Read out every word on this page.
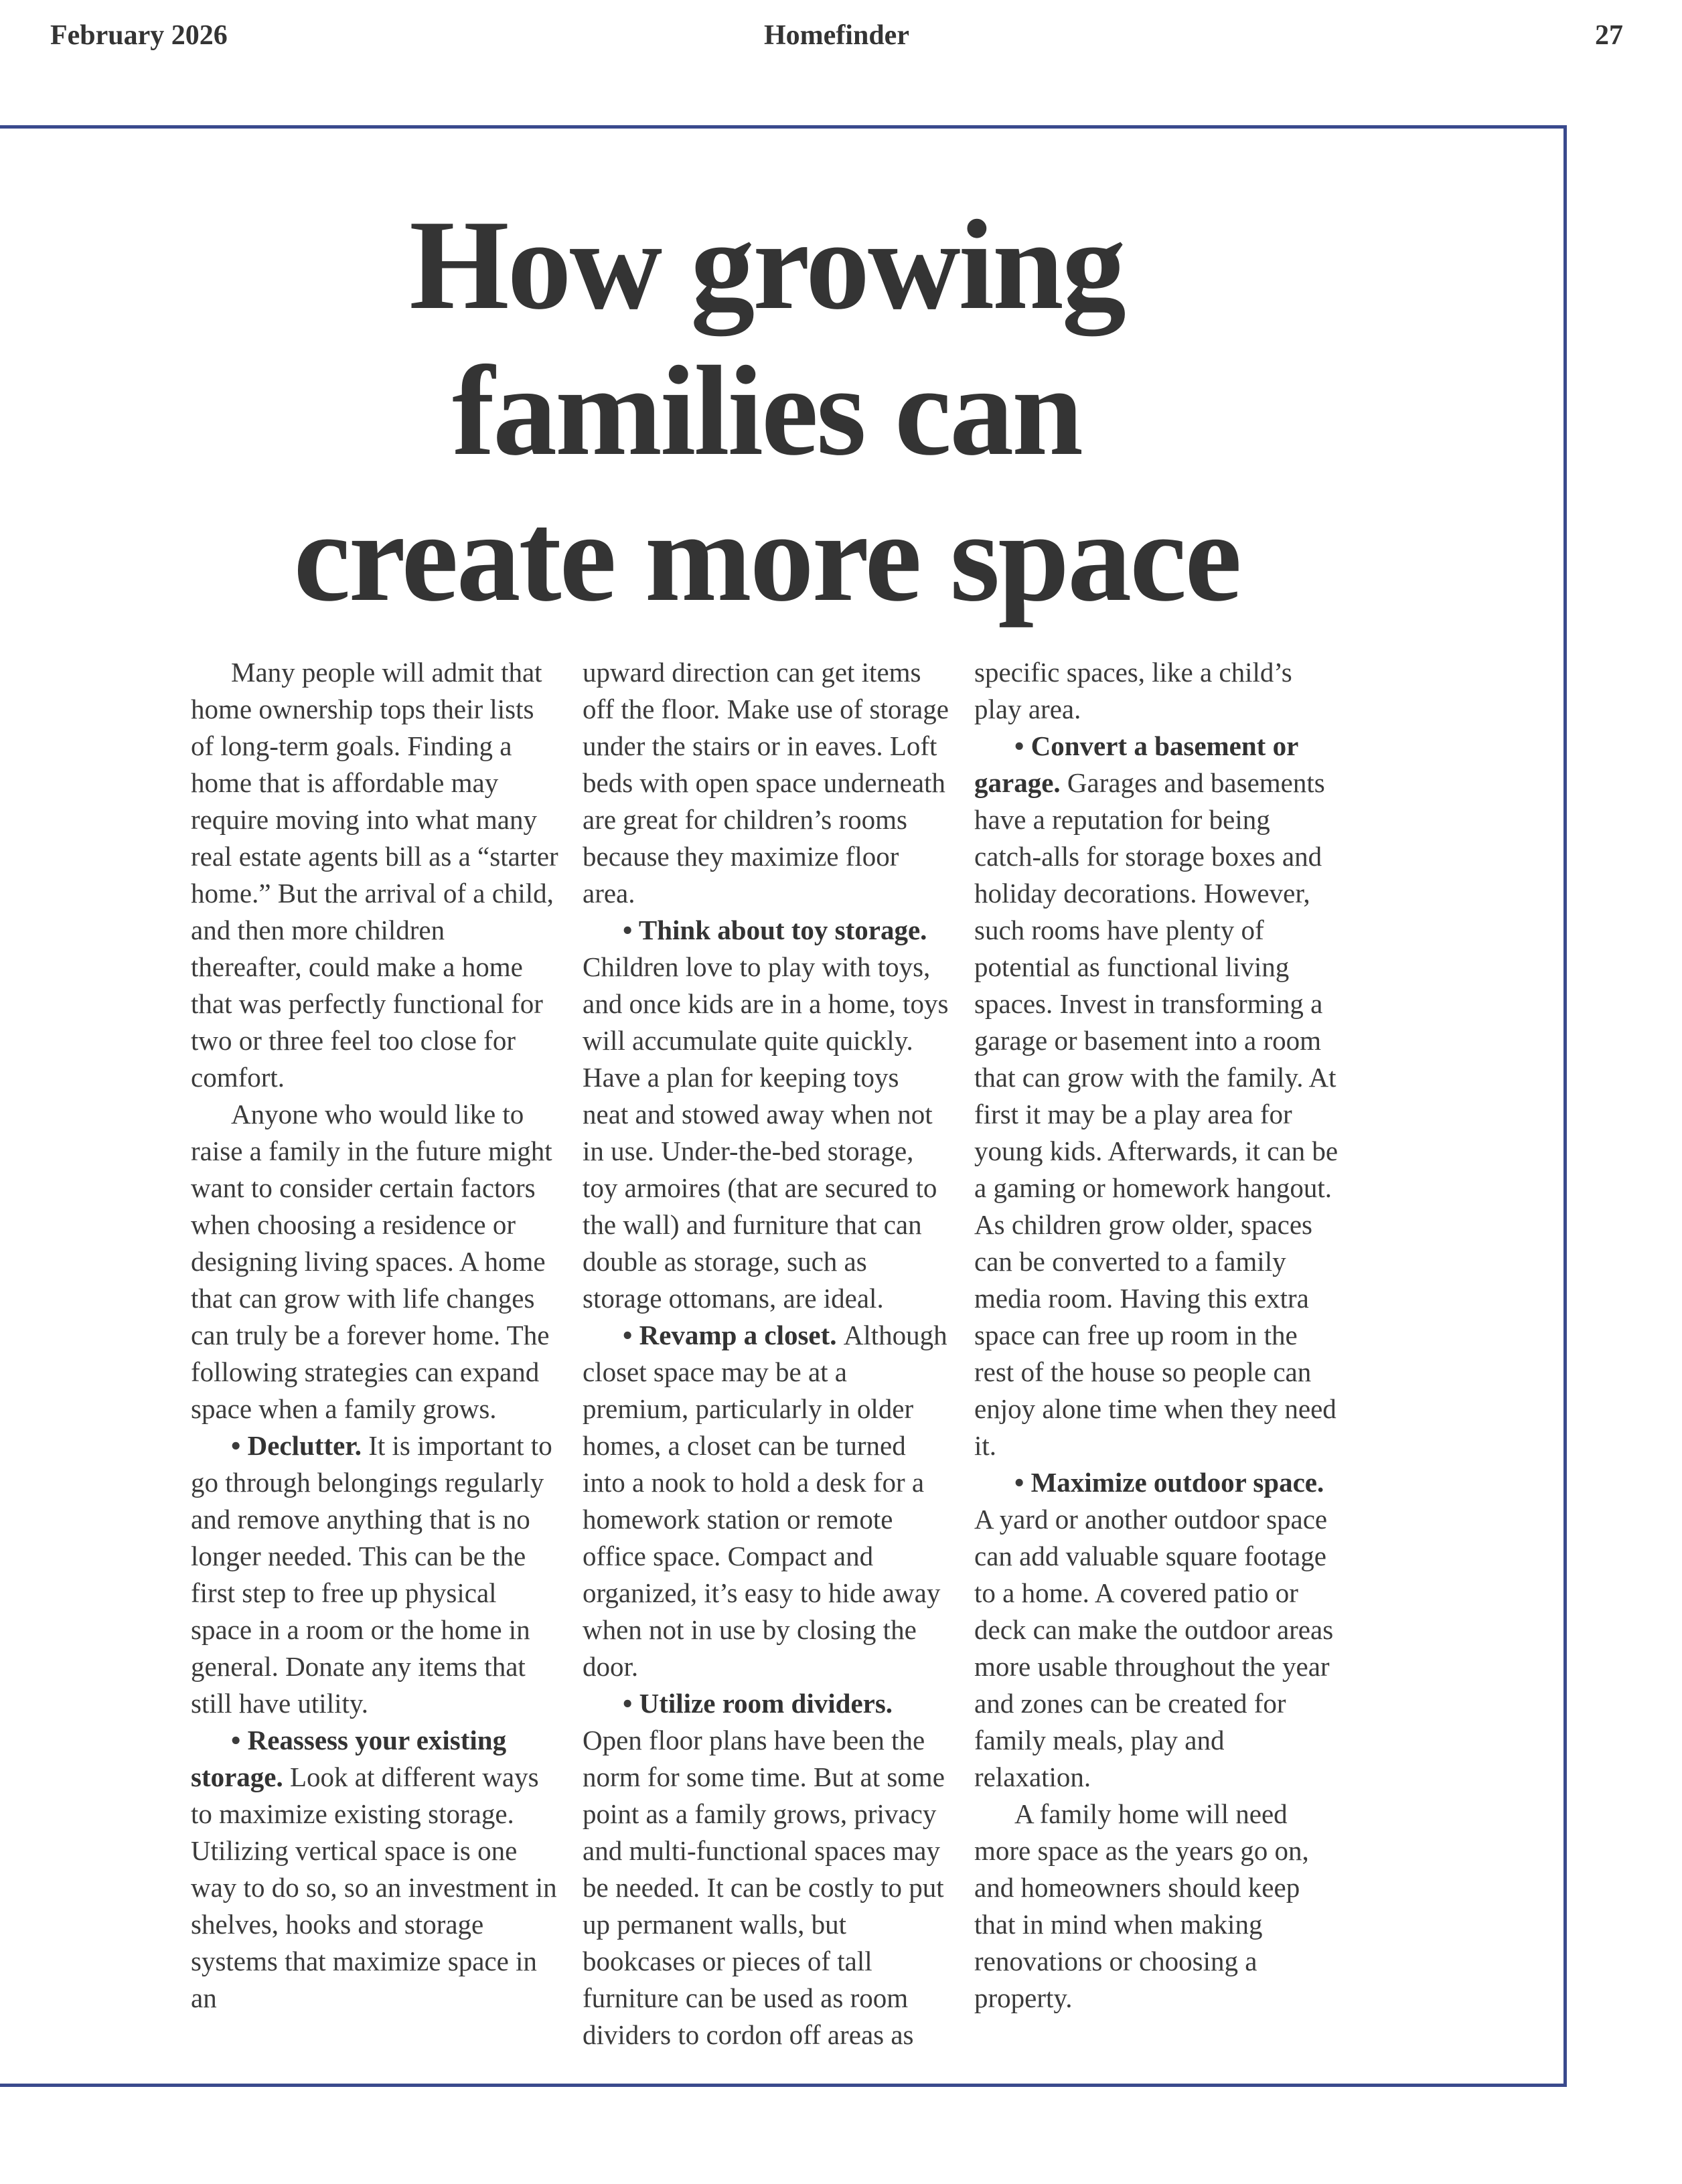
February 2026	Homefinder	27
How growing
families can
create more space

Many people will admit that home ownership tops their lists of long-term goals. Finding a home that is affordable may require moving into what many real estate agents bill as a “starter home.” But the arrival of a child, and then more children thereafter, could make a home that was perfectly functional for two or three feel too close for comfort.

Anyone who would like to raise a family in the future might want to consider certain factors when choosing a residence or designing living spaces. A home that can grow with life changes can truly be a forever home. The following strategies can expand space when a family grows.

• Declutter. It is important to go through belongings regularly and remove anything that is no longer needed. This can be the first step to free up physical space in a room or the home in general. Donate any items that still have utility.

• Reassess your existing storage. Look at different ways to maximize existing storage. Utilizing vertical space is one way to do so, so an investment in shelves, hooks and storage systems that maximize space in an

upward direction can get items off the floor. Make use of storage under the stairs or in eaves. Loft beds with open space underneath are great for children’s rooms because they maximize floor area.

• Think about toy storage. Children love to play with toys, and once kids are in a home, toys will accumulate quite quickly. Have a plan for keeping toys neat and stowed away when not in use. Under-the-bed storage, toy armoires (that are secured to the wall) and furniture that can double as storage, such as storage ottomans, are ideal.

• Revamp a closet. Although closet space may be at a premium, particularly in older homes, a closet can be turned into a nook to hold a desk for a homework station or remote office space. Compact and organized, it’s easy to hide away when not in use by closing the door.

• Utilize room dividers. Open floor plans have been the norm for some time. But at some point as a family grows, privacy and multi-functional spaces may be needed. It can be costly to put up permanent walls, but bookcases or pieces of tall furniture can be used as room dividers to cordon off areas as

specific spaces, like a child’s play area.

• Convert a basement or garage. Garages and basements have a reputation for being catch-alls for storage boxes and holiday decorations. However, such rooms have plenty of potential as functional living spaces. Invest in transforming a garage or basement into a room that can grow with the family. At first it may be a play area for young kids. Afterwards, it can be a gaming or homework hangout. As children grow older, spaces can be converted to a family media room. Having this extra space can free up room in the rest of the house so people can enjoy alone time when they need it.

• Maximize outdoor space. A yard or another outdoor space can add valuable square footage to a home. A covered patio or deck can make the outdoor areas more usable throughout the year and zones can be created for family meals, play and relaxation.

A family home will need more space as the years go on, and homeowners should keep that in mind when making renovations or choosing a property.
